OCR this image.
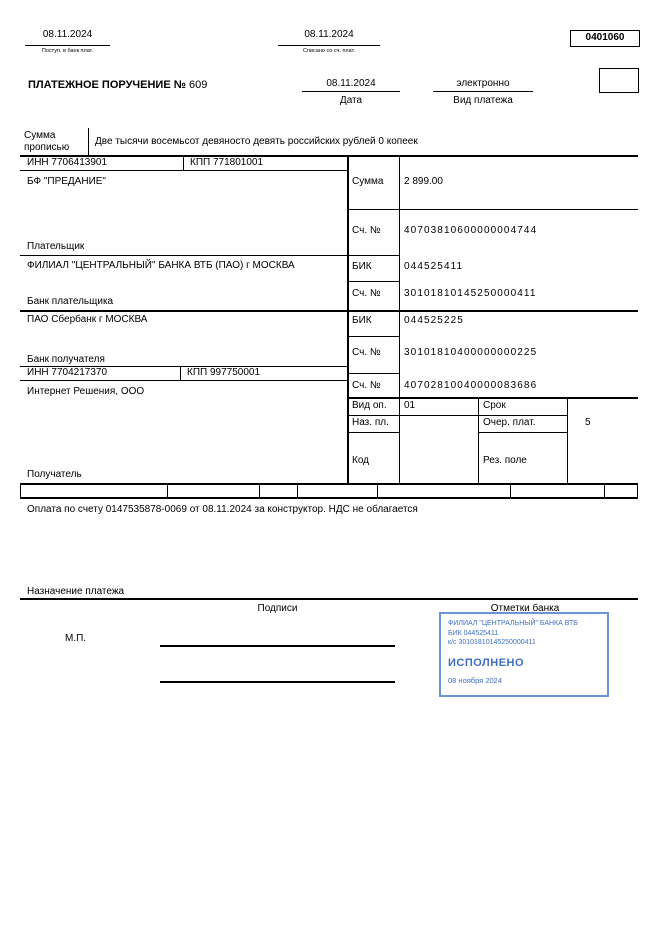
08.11.2024
Поступ. в банк плат.
08.11.2024
Списано со сч. плат.
0401060
ПЛАТЕЖНОЕ ПОРУЧЕНИЕ № 609	08.11.2024
Дата
электронно
Вид платежа
Сумма прописью	Две тысячи восемьсот девяносто девять российских рублей 0 копеек
ИНН 7706413901	КПП 771801001
БФ "ПРЕДАНИЕ"
Плательщик
Сумма 2 899.00
Сч. № 40703810600000004744
ФИЛИАЛ "ЦЕНТРАЛЬНЫЙ" БАНКА ВТБ (ПАО) г МОСКВА
Банк плательщика
БИК	044525411
Сч. № 30101810145250000411
ПАО Сбербанк г МОСКВА
Банк получателя
БИК	044525225
Сч. № 30101810400000000225
ИНН 7704217370	КПП 997750001
Интернет Решения, ООО
Получатель
Сч. № 40702810040000083686
Вид оп. 01	Срок
Наз. пл.	Очер. плат.	5
Код	Рез. поле
Оплата по счету 0147535878-0069 от 08.11.2024 за конструктор. НДС не облагается
Назначение платежа
Подписи	Отметки банка
М.П.
ФИЛИАЛ "ЦЕНТРАЛЬНЫЙ" БАНКА ВТБ
БИК 044525411
к/с 30101810145250000411
ИСПОЛНЕНО
08 ноября 2024
